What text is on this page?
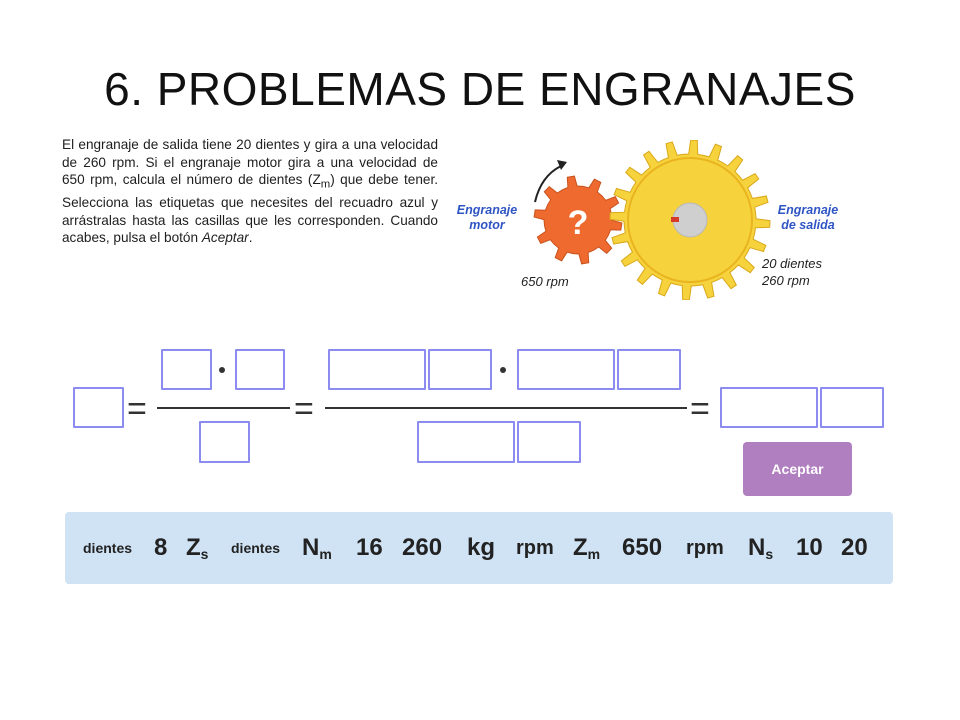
6. PROBLEMAS DE ENGRANAJES
El engranaje de salida tiene 20 dientes y gira a una velocidad de 260 rpm. Si el engranaje motor gira a una velocidad de 650 rpm, calcula el número de dientes $(Z_m)$ que debe tener. Selecciona las etiquetas que necesites del recuadro azul y arrástralas hasta las casillas que les corresponden. Cuando acabes, pulsa el botón Aceptar.	?
Engranaje
motor
650 rpm
Engranaje
de salida
20 dientes
260 rpm
=	=	=
Aceptar
dientes 8 $Z_s$ dientes $N_m$ 16 260 kg rpm $Z_m$ 650 rpm $N_s$ 10 20
